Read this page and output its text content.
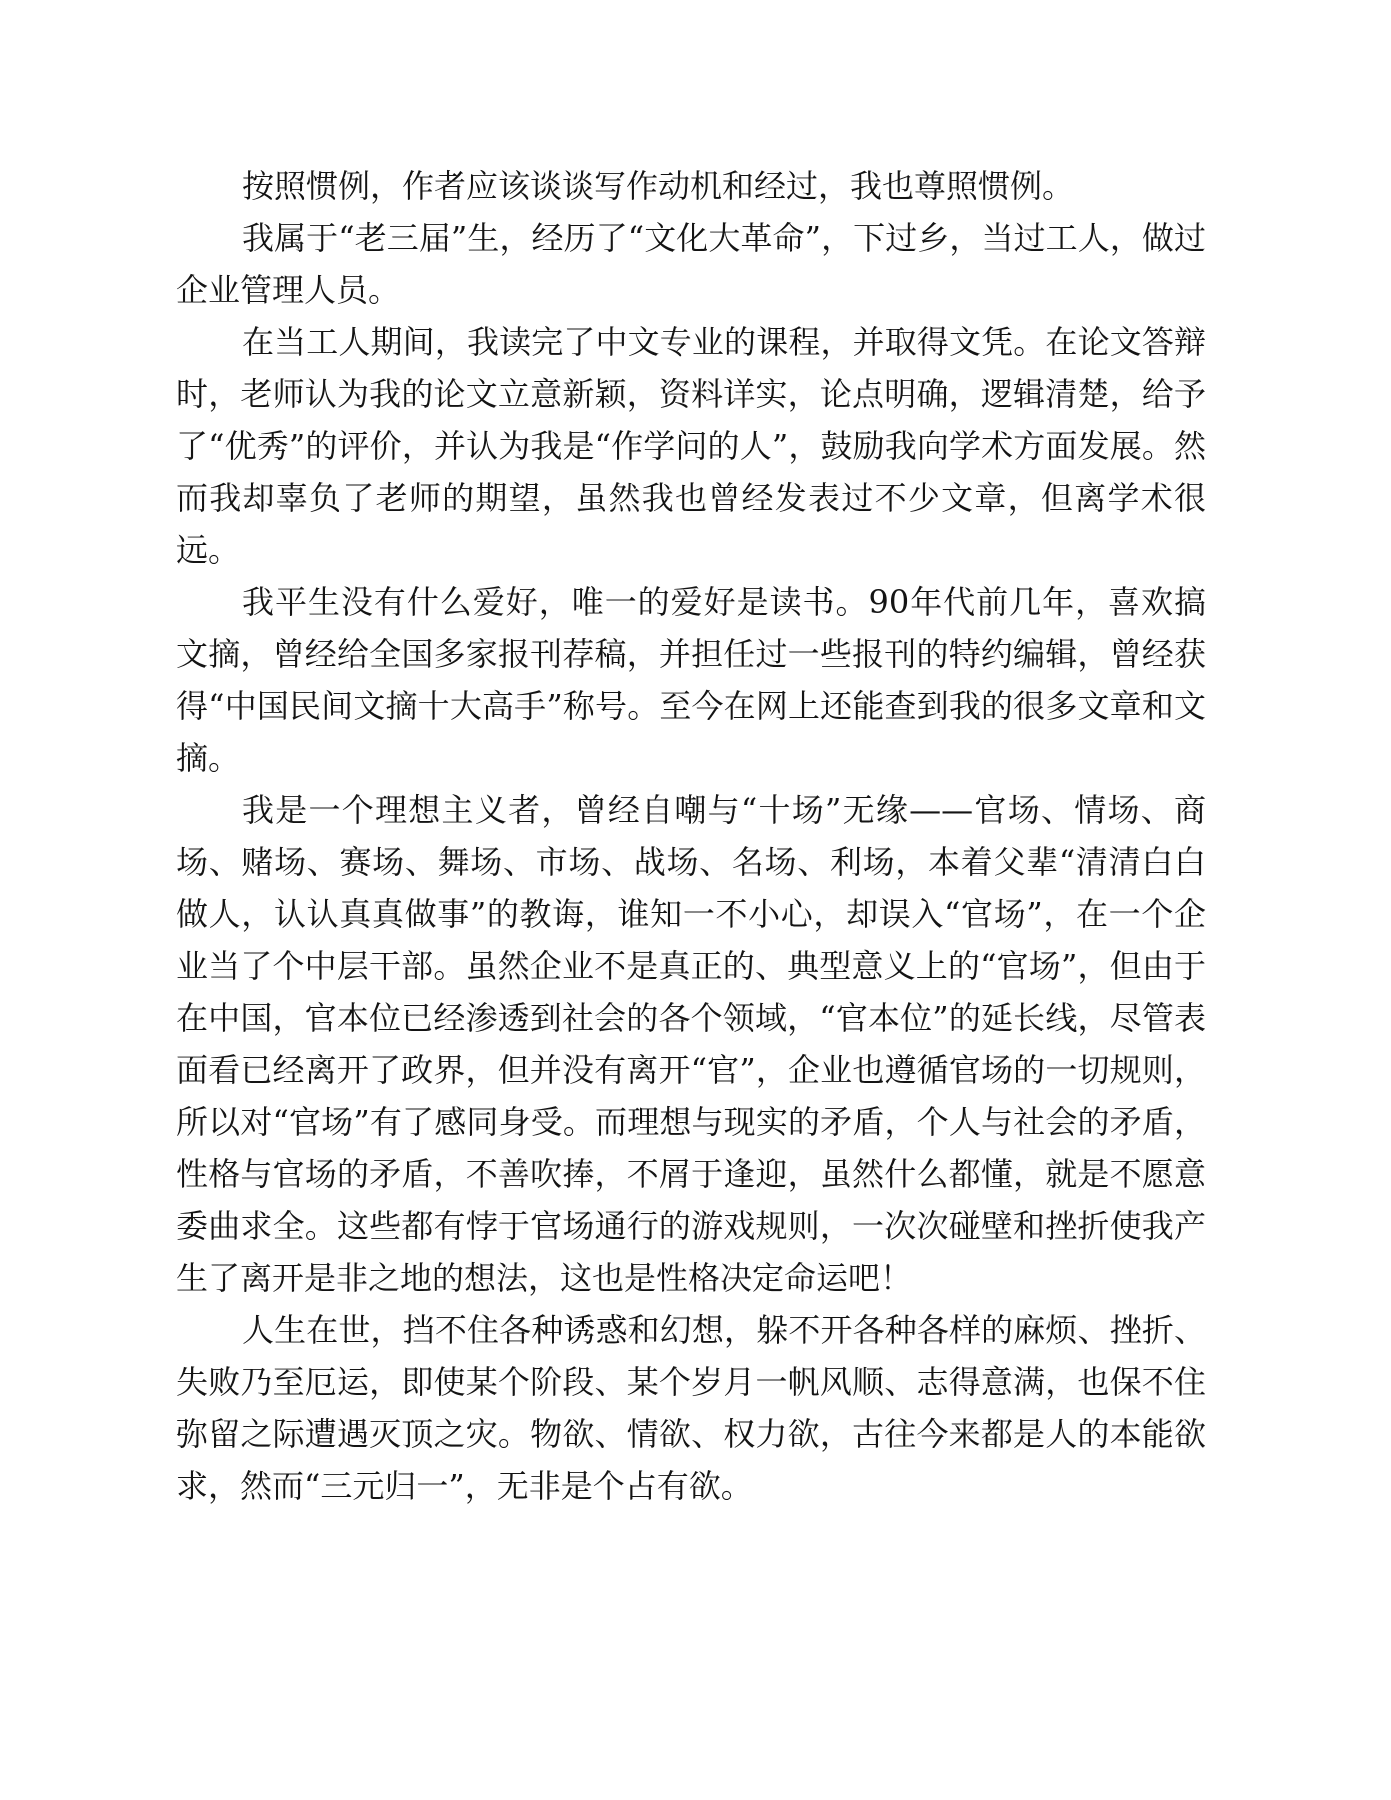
按照惯例，作者应该谈谈写作动机和经过，我也尊照惯例。

我属于“老三届”生，经历了“文化大革命”，下过乡，当过工人，做过企业管理人员。

在当工人期间，我读完了中文专业的课程，并取得文凭。在论文答辩时，老师认为我的论文立意新颖，资料详实，论点明确，逻辑清楚，给予了“优秀”的评价，并认为我是“作学问的人”，鼓励我向学术方面发展。然而我却辜负了老师的期望，虽然我也曾经发表过不少文章，但离学术很远。

我平生没有什么爱好，唯一的爱好是读书。90年代前几年，喜欢搞文摘，曾经给全国多家报刊荐稿，并担任过一些报刊的特约编辑，曾经获得“中国民间文摘十大高手”称号。至今在网上还能查到我的很多文章和文摘。

我是一个理想主义者，曾经自嘲与“十场”无缘——官场、情场、商场、赌场、赛场、舞场、市场、战场、名场、利场，本着父辈“清清白白做人，认认真真做事”的教诲，谁知一不小心，却误入“官场”，在一个企业当了个中层干部。虽然企业不是真正的、典型意义上的“官场”，但由于在中国，官本位已经渗透到社会的各个领域，“官本位”的延长线，尽管表面看已经离开了政界，但并没有离开“官”，企业也遵循官场的一切规则，所以对“官场”有了感同身受。而理想与现实的矛盾，个人与社会的矛盾，性格与官场的矛盾，不善吹捧，不屑于逢迎，虽然什么都懂，就是不愿意委曲求全。这些都有悖于官场通行的游戏规则，一次次碰壁和挫折使我产生了离开是非之地的想法，这也是性格决定命运吧！

人生在世，挡不住各种诱惑和幻想，躲不开各种各样的麻烦、挫折、失败乃至厄运，即使某个阶段、某个岁月一帆风顺、志得意满，也保不住弥留之际遭遇灭顶之灾。物欲、情欲、权力欲，古往今来都是人的本能欲求，然而“三元归一”，无非是个占有欲。
